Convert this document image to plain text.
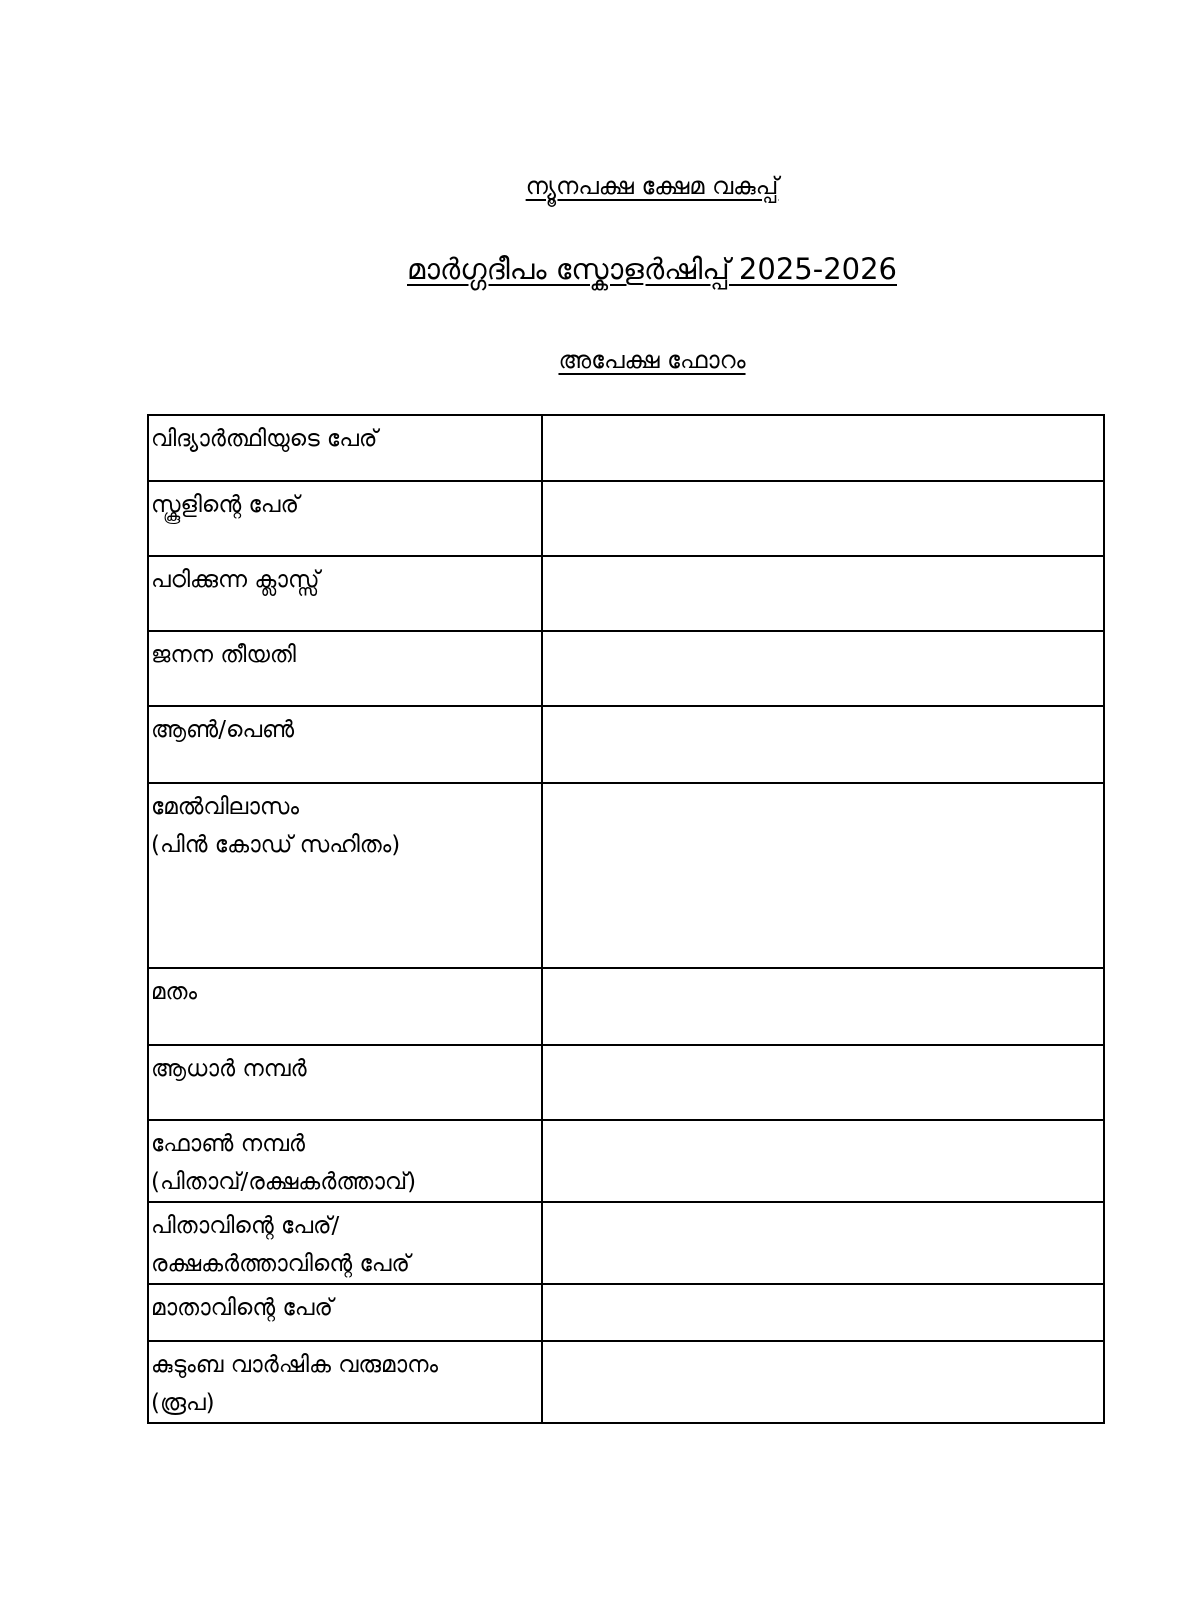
ന്യൂനപക്ഷ ക്ഷേമ വകുപ്പ്
മാർഗ്ഗദീപം സ്കോളർഷിപ്പ് 2025-2026
അപേക്ഷ ഫോറം
വിദ്യാർത്ഥിയുടെ പേര്	

സ്കൂളിന്റെ പേര്	

പഠിക്കുന്ന ക്ലാസ്സ്	

ജനന തീയതി	

ആൺ/പെൺ	

മേൽവിലാസം
(പിൻ കോഡ് സഹിതം)	

മതം	

ആധാർ നമ്പർ	

ഫോൺ നമ്പർ
(പിതാവ്/രക്ഷകർത്താവ്)	

പിതാവിന്റെ പേര്/
രക്ഷകർത്താവിന്റെ പേര്	

മാതാവിന്റെ പേര്	

കുടുംബ വാർഷിക വരുമാനം
(രൂപ)	
